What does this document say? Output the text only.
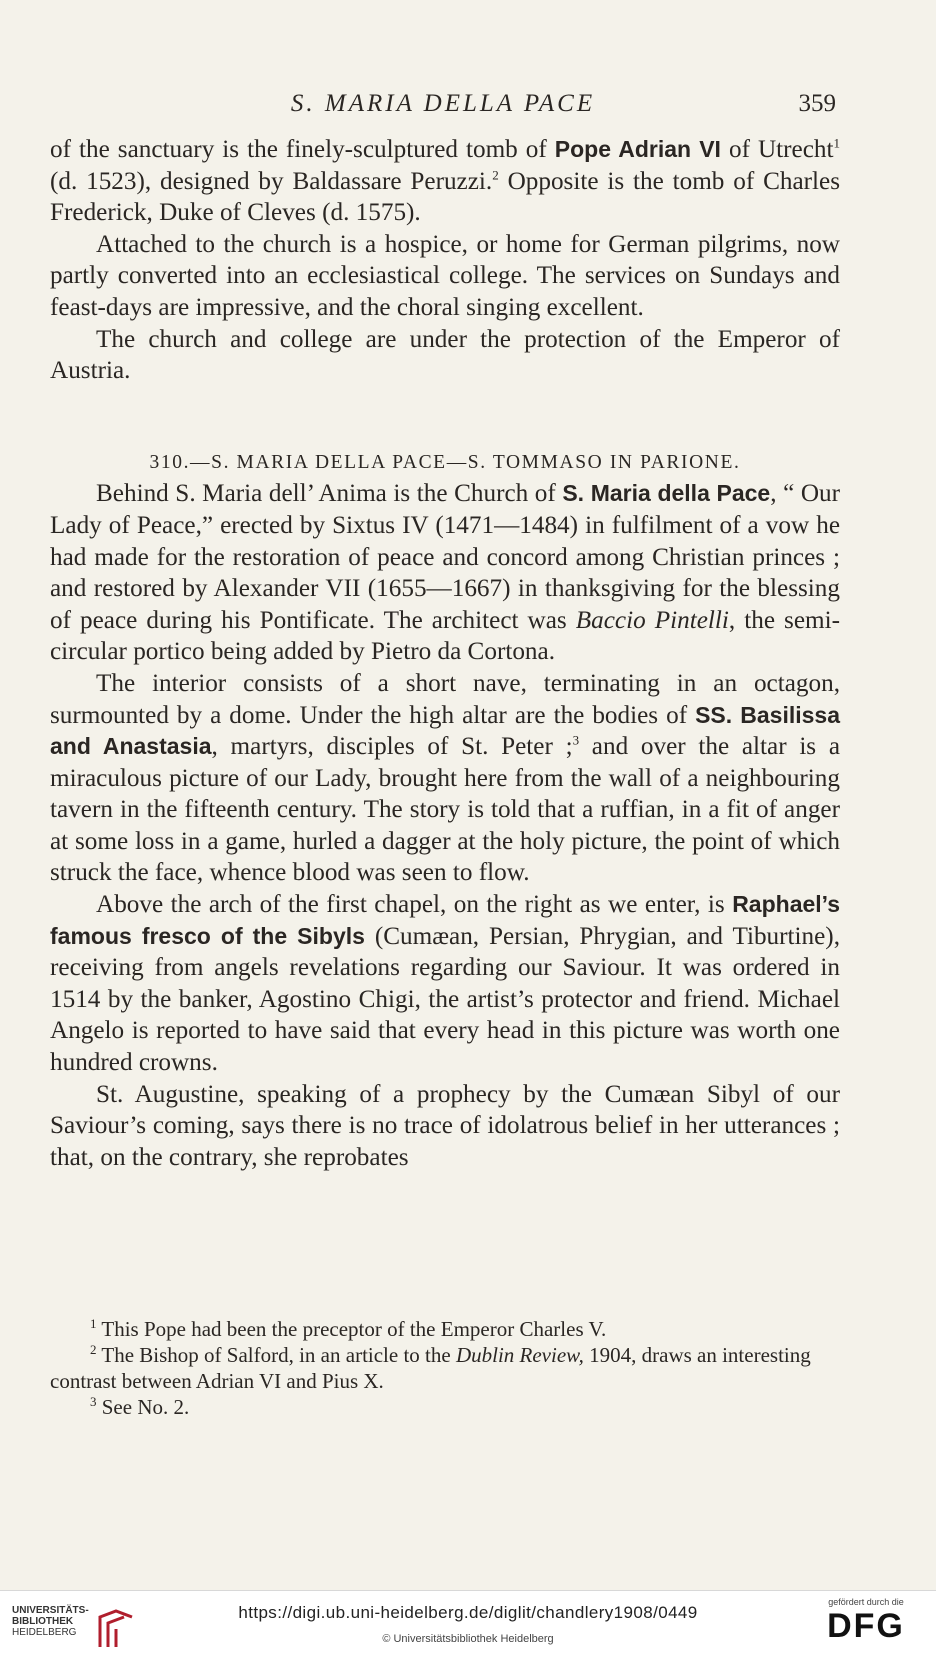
S. MARIA DELLA PACE	359

of the sanctuary is the finely-sculptured tomb of Pope Adrian VI of Utrecht$^1$ (d. 1523), designed by Baldassare Peruzzi.$^2$ Opposite is the tomb of Charles Frederick, Duke of Cleves (d. 1575).

Attached to the church is a hospice, or home for German pilgrims, now partly converted into an ecclesiastical college. The services on Sundays and feast-days are impressive, and the choral singing excellent.

The church and college are under the protection of the Emperor of Austria.

310.—S. MARIA DELLA PACE—S. TOMMASO IN PARIONE.

Behind S. Maria dell’ Anima is the Church of S. Maria della Pace, “ Our Lady of Peace,” erected by Sixtus IV (1471—1484) in fulfilment of a vow he had made for the restoration of peace and concord among Christian princes ; and restored by Alexander VII (1655—1667) in thanksgiving for the blessing of peace during his Pontificate. The architect was Baccio Pintelli, the semi-circular portico being added by Pietro da Cortona.

The interior consists of a short nave, terminating in an octagon, surmounted by a dome. Under the high altar are the bodies of SS. Basilissa and Anastasia, martyrs, disciples of St. Peter ;$^3$ and over the altar is a miraculous picture of our Lady, brought here from the wall of a neighbouring tavern in the fifteenth century. The story is told that a ruffian, in a fit of anger at some loss in a game, hurled a dagger at the holy picture, the point of which struck the face, whence blood was seen to flow.

Above the arch of the first chapel, on the right as we enter, is Raphael’s famous fresco of the Sibyls (Cumæan, Persian, Phrygian, and Tiburtine), receiving from angels revelations regarding our Saviour. It was ordered in 1514 by the banker, Agostino Chigi, the artist’s protector and friend. Michael Angelo is reported to have said that every head in this picture was worth one hundred crowns.

St. Augustine, speaking of a prophecy by the Cumæan Sibyl of our Saviour’s coming, says there is no trace of idolatrous belief in her utterances ; that, on the contrary, she reprobates

$^1$ This Pope had been the preceptor of the Emperor Charles V.

$^2$ The Bishop of Salford, in an article to the Dublin Review, 1904, draws an interesting contrast between Adrian VI and Pius X.

$^3$ See No. 2.

UNIVERSITÄTS-
BIBLIOTHEK
HEIDELBERG
https://digi.ub.uni-heidelberg.de/diglit/chandlery1908/0449
© Universitätsbibliothek Heidelberg
gefördert durch die
DFG
